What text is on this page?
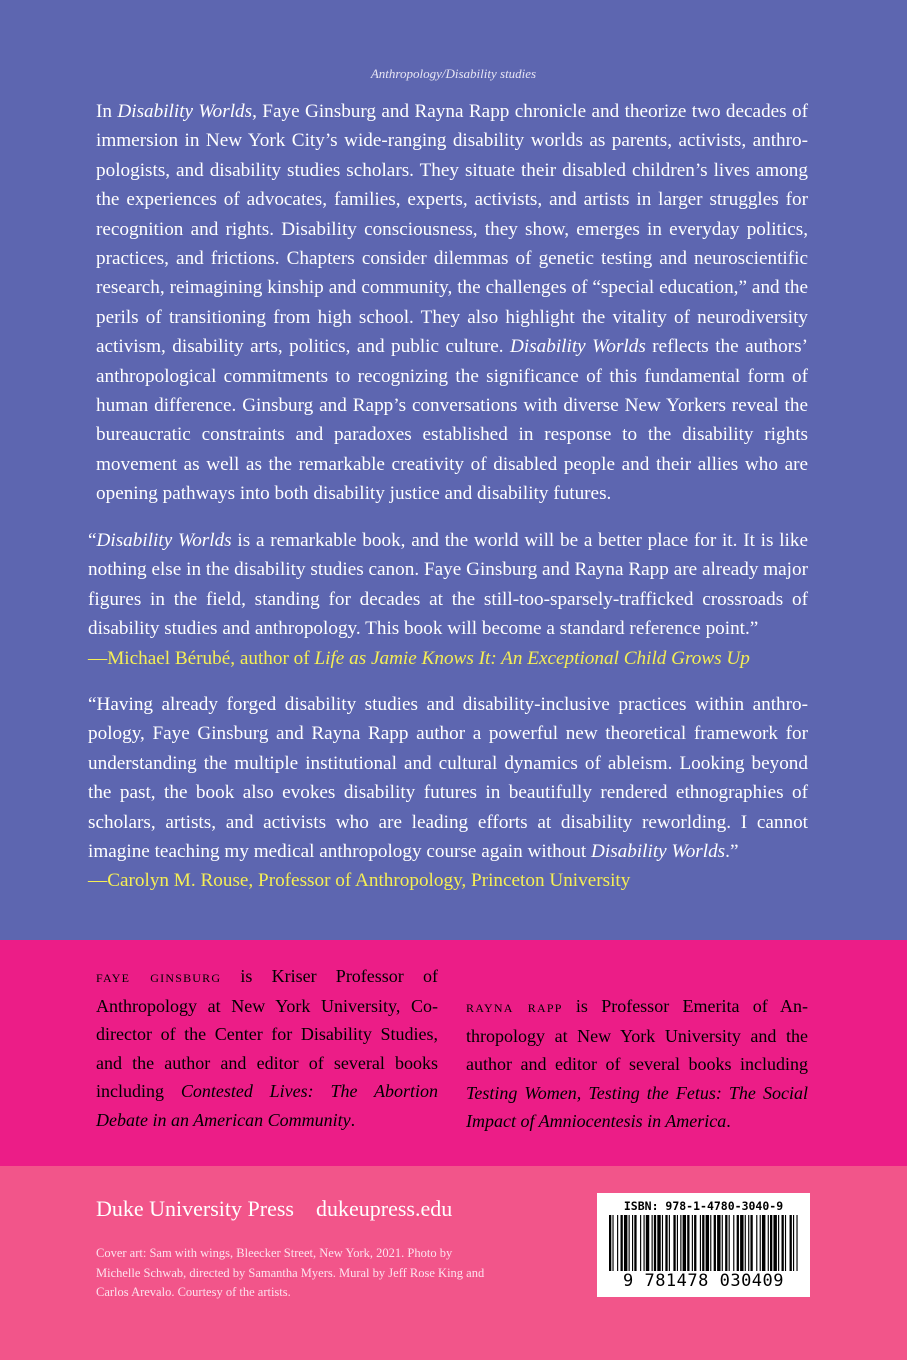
Anthropology/Disability studies

In Disability Worlds, Faye Ginsburg and Rayna Rapp chronicle and theorize two decades of immersion in New York City’s wide-ranging disability worlds as parents, activists, anthropologists, and disability studies scholars. They situate their disabled children’s lives among the experiences of advocates, families, experts, activists, and artists in larger struggles for recognition and rights. Disability consciousness, they show, emerges in everyday politics, practices, and frictions. Chapters consider dilemmas of genetic testing and neuroscientific research, reimagining kinship and community, the challenges of “special education,” and the perils of transitioning from high school. They also highlight the vitality of neurodiversity activism, disability arts, politics, and public culture. Disability Worlds reflects the authors’ anthropological commitments to recognizing the significance of this fundamental form of human difference. Ginsburg and Rapp’s conversations with diverse New Yorkers reveal the bureaucratic constraints and paradoxes established in response to the disability rights movement as well as the remarkable creativity of disabled people and their allies who are opening pathways into both disability justice and disability futures.

“Disability Worlds is a remarkable book, and the world will be a better place for it. It is like nothing else in the disability studies canon. Faye Ginsburg and Rayna Rapp are already major figures in the field, standing for decades at the still-too-sparsely-trafficked crossroads of disability studies and anthropology. This book will become a standard reference point.”
—Michael Bérubé, author of Life as Jamie Knows It: An Exceptional Child Grows Up

“Having already forged disability studies and disability-inclusive practices within anthropology, Faye Ginsburg and Rayna Rapp author a powerful new theoretical framework for understanding the multiple institutional and cultural dynamics of ableism. Looking beyond the past, the book also evokes disability futures in beautifully rendered ethnographies of scholars, artists, and activists who are leading efforts at disability reworlding. I cannot imagine teaching my medical anthropology course again without Disability Worlds.”
—Carolyn M. Rouse, Professor of Anthropology, Princeton University

faye ginsburg is Kriser Professor of Anthropology at New York University, Codirector of the Center for Disability Studies, and the author and editor of several books including Contested Lives: The Abortion Debate in an American Community.

rayna rapp is Professor Emerita of Anthropology at New York University and the author and editor of several books including Testing Women, Testing the Fetus: The Social Impact of Amniocentesis in America.

Duke University Press dukeupress.edu

Cover art: Sam with wings, Bleecker Street, New York, 2021. Photo by Michelle Schwab, directed by Samantha Myers. Mural by Jeff Rose King and Carlos Arevalo. Courtesy of the artists.

ISBN: 978-1-4780-3040-9
9 781478 030409
